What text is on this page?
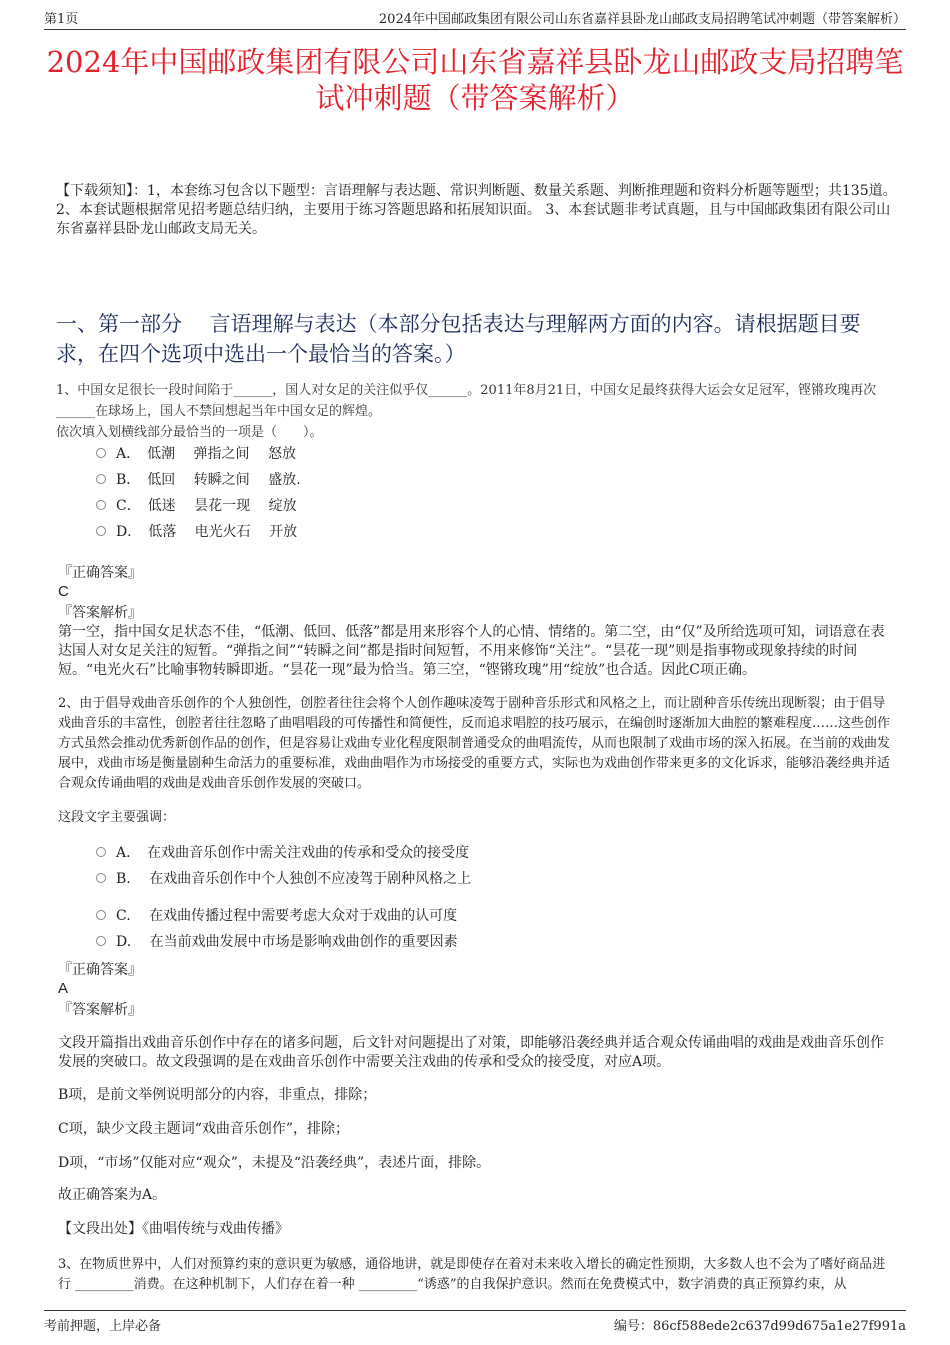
第1页	2024年中国邮政集团有限公司山东省嘉祥县卧龙山邮政支局招聘笔试冲刺题（带答案解析）
2024年中国邮政集团有限公司山东省嘉祥县卧龙山邮政支局招聘笔试冲刺题（带答案解析）
【下载须知】：1，本套练习包含以下题型：言语理解与表达题、常识判断题、数量关系题、判断推理题和资料分析题等题型；共135道。 2、本套试题根据常见招考题总结归纳，主要用于练习答题思路和拓展知识面。 3、本套试题非考试真题，且与中国邮政集团有限公司山东省嘉祥县卧龙山邮政支局无关。
一、第一部分　 言语理解与表达（本部分包括表达与理解两方面的内容。请根据题目要求，在四个选项中选出一个最恰当的答案。）
1、中国女足很长一段时间陷于______，国人对女足的关注似乎仅______。2011年8月21日，中国女足最终获得大运会女足冠军，铿锵玫瑰再次______在球场上，国人不禁回想起当年中国女足的辉煌。
依次填入划横线部分最恰当的一项是（　　）。
A．　低潮　 弹指之间　 怒放
B．　低回　 转瞬之间　 盛放.
C．　低迷　 昙花一现　 绽放
D．　低落　 电光火石　 开放
『正确答案』
C
『答案解析』
第一空，指中国女足状态不佳，“低潮、低回、低落”都是用来形容个人的心情、情绪的。第二空，由“仅”及所给选项可知，词语意在表达国人对女足关注的短暂。“弹指之间”“转瞬之间”都是指时间短暂，不用来修饰“关注”。“昙花一现”则是指事物或现象持续的时间短。“电光火石”比喻事物转瞬即逝。“昙花一现”最为恰当。第三空，“铿锵玫瑰”用“绽放”也合适。因此C项正确。
2、由于倡导戏曲音乐创作的个人独创性，创腔者往往会将个人创作趣味凌驾于剧种音乐形式和风格之上，而让剧种音乐传统出现断裂；由于倡导戏曲音乐的丰富性，创腔者往往忽略了曲唱唱段的可传播性和简便性，反而追求唱腔的技巧展示，在编创时逐渐加大曲腔的繁难程度……这些创作方式虽然会推动优秀新创作品的创作，但是容易让戏曲专业化程度限制普通受众的曲唱流传，从而也限制了戏曲市场的深入拓展。在当前的戏曲发展中，戏曲市场是衡量剧种生命活力的重要标准，戏曲曲唱作为市场接受的重要方式，实际也为戏曲创作带来更多的文化诉求，能够沿袭经典并适合观众传诵曲唱的戏曲是戏曲音乐创作发展的突破口。
这段文字主要强调：
A．　在戏曲音乐创作中需关注戏曲的传承和受众的接受度
B.　 在戏曲音乐创作中个人独创不应凌驾于剧种风格之上
C.　 在戏曲传播过程中需要考虑大众对于戏曲的认可度
D.　 在当前戏曲发展中市场是影响戏曲创作的重要因素
『正确答案』
A
『答案解析』
文段开篇指出戏曲音乐创作中存在的诸多问题，后文针对问题提出了对策，即能够沿袭经典并适合观众传诵曲唱的戏曲是戏曲音乐创作发展的突破口。故文段强调的是在戏曲音乐创作中需要关注戏曲的传承和受众的接受度，对应A项。
B项，是前文举例说明部分的内容，非重点，排除；
C项，缺少文段主题词“戏曲音乐创作”，排除；
D项，“市场”仅能对应“观众”，未提及“沿袭经典”，表述片面，排除。
故正确答案为A。
【文段出处】《曲唱传统与戏曲传播》
3、在物质世界中，人们对预算约束的意识更为敏感，通俗地讲，就是即使存在着对未来收入增长的确定性预期，大多数人也不会为了嗜好商品进行 _________消费。在这种机制下，人们存在着一种 _________“诱惑”的自我保护意识。然而在免费模式中，数字消费的真正预算约束，从
考前押题，上岸必备	编号：86cf588ede2c637d99d675a1e27f991a
